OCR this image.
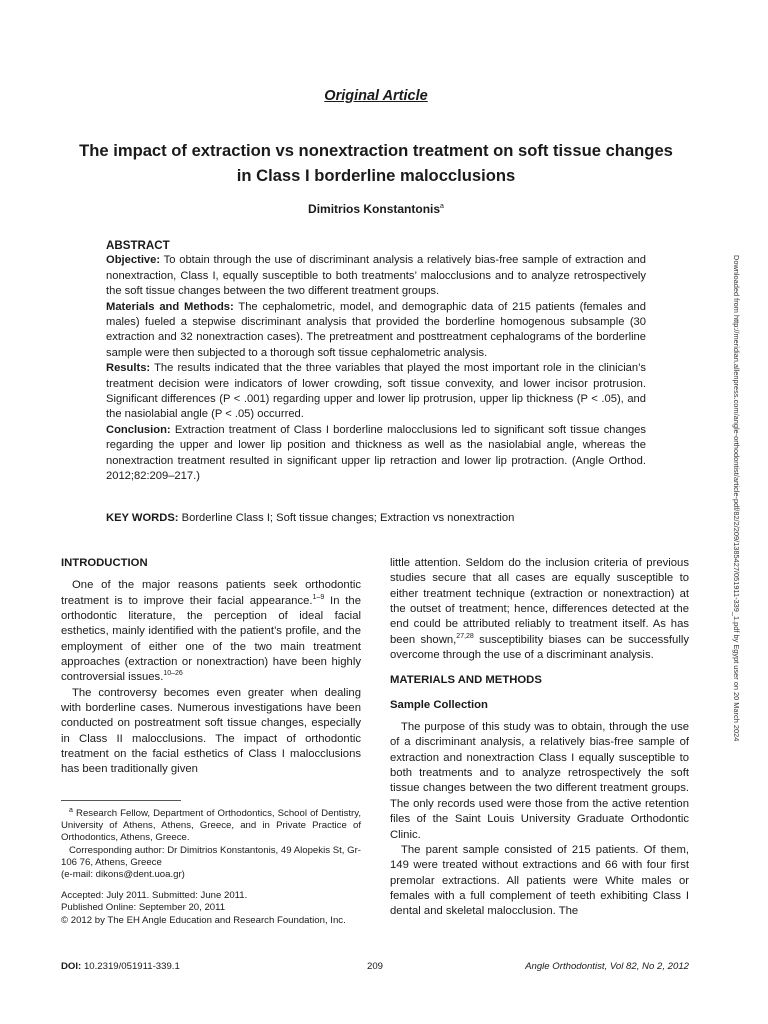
Original Article
The impact of extraction vs nonextraction treatment on soft tissue changes
in Class I borderline malocclusions
Dimitrios Konstantonis$^a$
ABSTRACT

Objective: To obtain through the use of discriminant analysis a relatively bias-free sample of extraction and nonextraction, Class I, equally susceptible to both treatments’ malocclusions and to analyze retrospectively the soft tissue changes between the two different treatment groups.

Materials and Methods: The cephalometric, model, and demographic data of 215 patients (females and males) fueled a stepwise discriminant analysis that provided the borderline homogenous subsample (30 extraction and 32 nonextraction cases). The pretreatment and posttreatment cephalograms of the borderline sample were then subjected to a thorough soft tissue cephalometric analysis.

Results: The results indicated that the three variables that played the most important role in the clinician’s treatment decision were indicators of lower crowding, soft tissue convexity, and lower incisor protrusion. Significant differences (P < .001) regarding upper and lower lip protrusion, upper lip thickness (P < .05), and the nasiolabial angle (P < .05) occurred.

Conclusion: Extraction treatment of Class I borderline malocclusions led to significant soft tissue changes regarding the upper and lower lip position and thickness as well as the nasiolabial angle, whereas the nonextraction treatment resulted in significant upper lip retraction and lower lip protraction. (Angle Orthod. 2012;82:209–217.)

KEY WORDS: Borderline Class I; Soft tissue changes; Extraction vs nonextraction
INTRODUCTION

One of the major reasons patients seek orthodontic treatment is to improve their facial appearance.$^{1-9}$ In the orthodontic literature, the perception of ideal facial esthetics, mainly identified with the patient’s profile, and the employment of either one of the two main treatment approaches (extraction or nonextraction) have been highly controversial issues.$^{10-26}$

The controversy becomes even greater when dealing with borderline cases. Numerous investigations have been conducted on postreatment soft tissue changes, especially in Class II malocclusions. The impact of orthodontic treatment on the facial esthetics of Class I malocclusions has been traditionally given

$^a$ Research Fellow, Department of Orthodontics, School of Dentistry, University of Athens, Athens, Greece, and in Private Practice of Orthodontics, Athens, Greece.

Corresponding author: Dr Dimitrios Konstantonis, 49 Alopekis St, Gr-106 76, Athens, Greece

(e-mail: dikons@dent.uoa.gr)

Accepted: July 2011. Submitted: June 2011.

Published Online: September 20, 2011

© 2012 by The EH Angle Education and Research Foundation, Inc.

little attention. Seldom do the inclusion criteria of previous studies secure that all cases are equally susceptible to either treatment technique (extraction or nonextraction) at the outset of treatment; hence, differences detected at the end could be attributed reliably to treatment itself. As has been shown,$^{27,28}$ susceptibility biases can be successfully overcome through the use of a discriminant analysis.

MATERIALS AND METHODS
Sample Collection

The purpose of this study was to obtain, through the use of a discriminant analysis, a relatively bias-free sample of extraction and nonextraction Class I equally susceptible to both treatments and to analyze retrospectively the soft tissue changes between the two different treatment groups. The only records used were those from the active retention files of the Saint Louis University Graduate Orthodontic Clinic.

The parent sample consisted of 215 patients. Of them, 149 were treated without extractions and 66 with four first premolar extractions. All patients were White males or females with a full complement of teeth exhibiting Class I dental and skeletal malocclusion. The

DOI: 10.2319/051911-339.1	209	Angle Orthodontist, Vol 82, No 2, 2012
Downloaded from http://meridian.allenpress.com/angle-orthodontist/article-pdf/82/2/209/1385427/051911-339_1.pdf by Egypt user on 20 March 2024
